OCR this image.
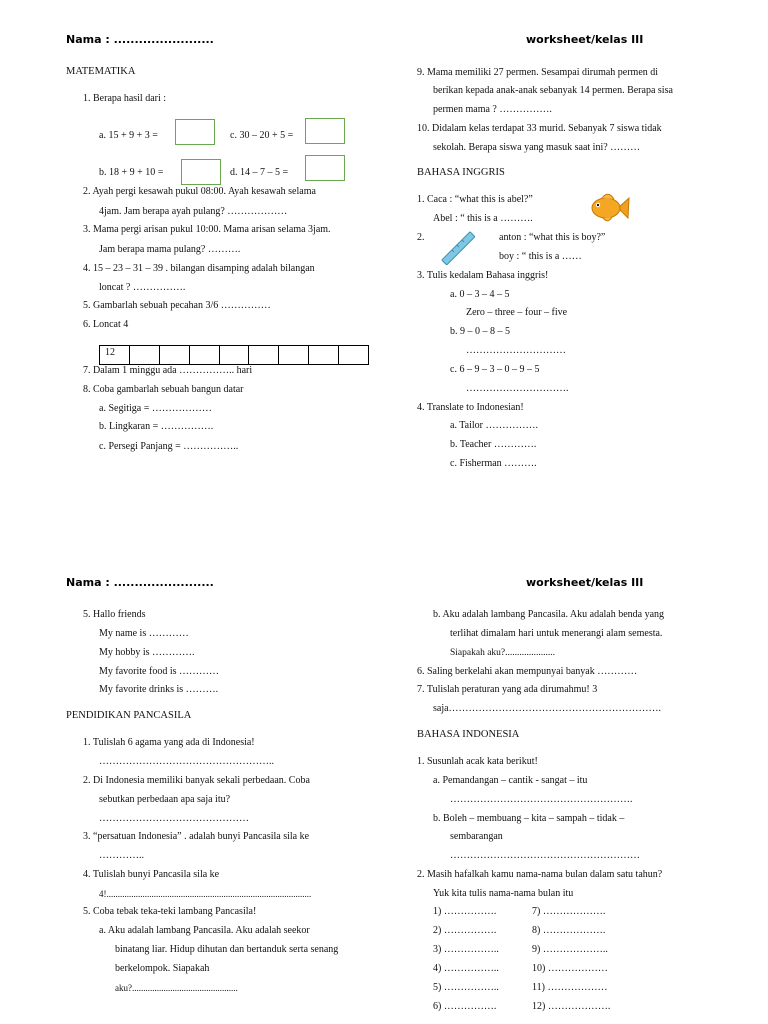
Nama : ........................	worksheet/kelas III
MATEMATIKA
1. Berapa hasil dari :
a. 15 + 9 + 3 =	c. 30 – 20 + 5 =
b. 18 + 9 + 10 =	d. 14 – 7 – 5 =
2. Ayah pergi kesawah pukul 08:00. Ayah kesawah selama
4jam. Jam berapa ayah pulang? ………………
3. Mama pergi arisan pukul 10:00. Mama arisan selama 3jam.
Jam berapa mama pulang? ……….
4. 15 – 23 – 31 – 39 . bilangan disamping adalah bilangan
loncat ? …………….
5. Gambarlah sebuah pecahan 3/6 ……………
6. Loncat 4
12
7. Dalam 1 minggu ada …………….. hari
8. Coba gambarlah sebuah bangun datar
a. Segitiga = ………………
b. Lingkaran = …………….
c. Persegi Panjang = ……………..
9. Mama memiliki 27 permen. Sesampai dirumah permen di
berikan kepada anak-anak sebanyak 14 permen. Berapa sisa
permen mama ? …………….
10. Didalam kelas terdapat 33 murid. Sebanyak 7 siswa tidak
sekolah. Berapa siswa yang masuk saat ini? ………
BAHASA INGGRIS
1. Caca : “what this is abel?”
Abel : “ this is a ……….
2.	anton : “what this is boy?”
boy : “ this is a ……
3. Tulis kedalam Bahasa inggris!
a. 0 – 3 – 4 – 5
Zero – three – four – five
b. 9 – 0 – 8 – 5
…………………………
c. 6 – 9 – 3 – 0 – 9 – 5
………………………….
4. Translate to Indonesian!
a. Tailor …………….
b. Teacher ………….
c. Fisherman ……….
Nama : ........................	worksheet/kelas III
5. Hallo friends
My name is …………
My hobby is ………….
My favorite food is …………
My favorite drinks is ……….
PENDIDIKAN PANCASILA
1. Tulislah 6 agama yang ada di Indonesia!
……………………………………………..
2. Di Indonesia memiliki banyak sekali perbedaan. Coba
sebutkan perbedaan apa saja itu?
………………………………………
3. “persatuan Indonesia” . adalah bunyi Pancasila sila ke
…………..
4. Tulislah bunyi Pancasila sila ke
4!...........................................................................................
5. Coba tebak teka-teki lambang Pancasila!
a. Aku adalah lambang Pancasila. Aku adalah seekor
binatang liar. Hidup dihutan dan bertanduk serta senang
berkelompok. Siapakah
aku?...............................................
b. Aku adalah lambang Pancasila. Aku adalah benda yang
terlihat dimalam hari untuk menerangi alam semesta.
Siapakah aku?.....................
6. Saling berkelahi akan mempunyai banyak …………
7. Tulislah peraturan yang ada dirumahmu! 3
saja……………………………………………………….
BAHASA INDONESIA
1. Susunlah acak kata berikut!
a. Pemandangan – cantik - sangat – itu
……………………………………………….
b. Boleh – membuang – kita – sampah – tidak –
sembarangan
…………………………………………………
2. Masih hafalkah kamu nama-nama bulan dalam satu tahun?
Yuk kita tulis nama-nama bulan itu
1) …………….
2) …………….
3) ……………..
4) ……………..
5) ……………..
6) …………….
7) ……………….
8) ……………….
9) ………………..
10) ………………
11) ………………
12) ……………….
